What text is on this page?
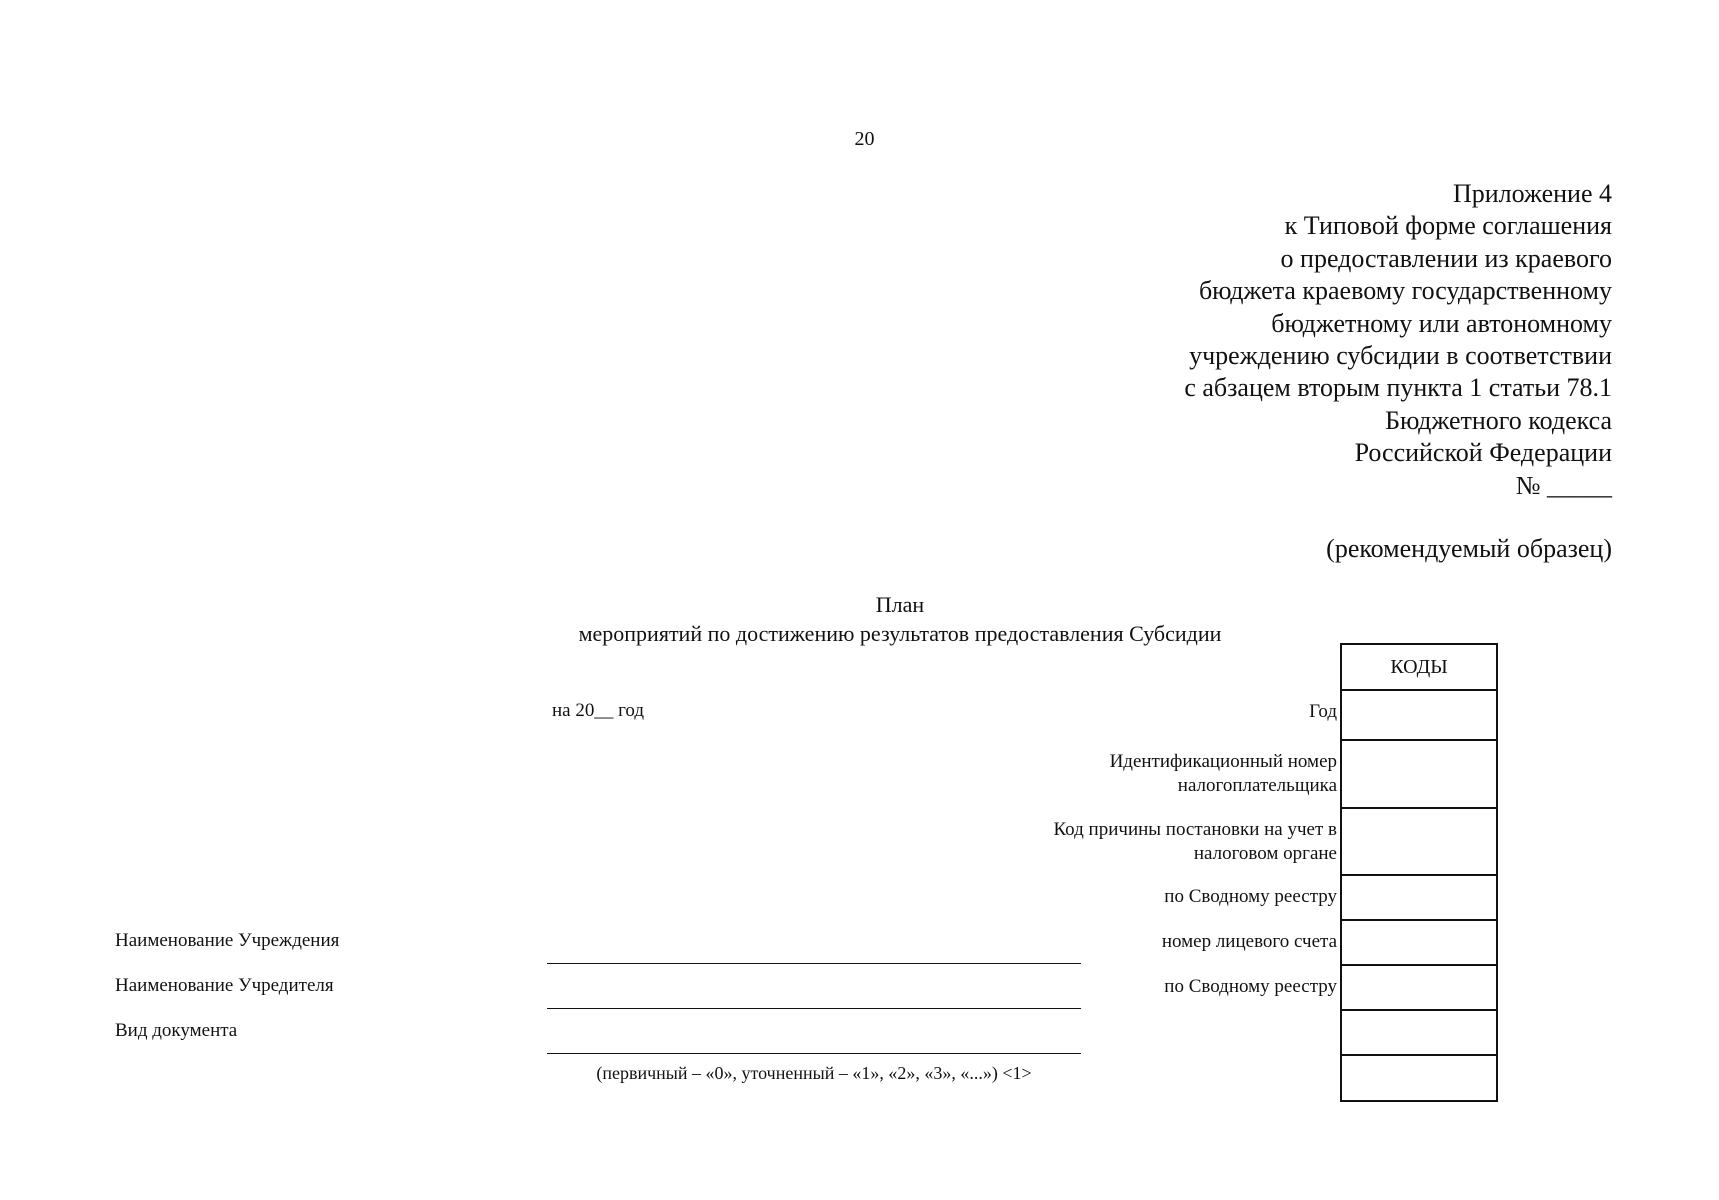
20
Приложение 4
к Типовой форме соглашения
о предоставлении из краевого
бюджета краевому государственному
бюджетному или автономному
учреждению субсидии в соответствии
с абзацем вторым пункта 1 статьи 78.1
Бюджетного кодекса
Российской Федерации
№ _____
(рекомендуемый образец)
План
мероприятий по достижению результатов предоставления Субсидии
на 20__ год	Год
Идентификационный номер налогоплательщика
Код причины постановки на учет в налоговом органе
по Сводному реестру
номер лицевого счета
по Сводному реестру
КОДЫ
Наименование Учреждения
Наименование Учредителя
Вид документа
(первичный – «0», уточненный – «1», «2», «3», «...») <1>
